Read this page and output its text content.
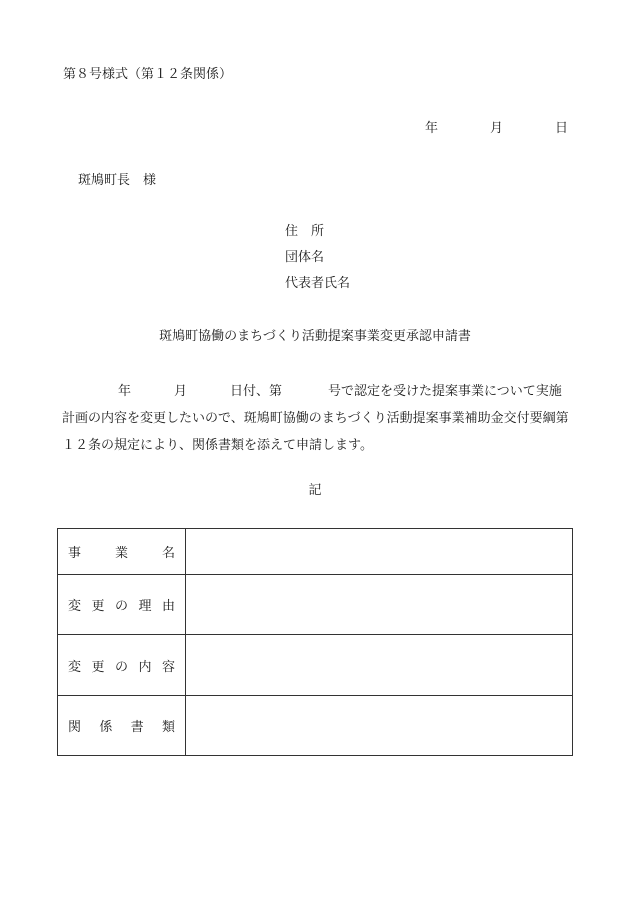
第８号様式（第１２条関係）
年	月	日
斑鳩町長　様
住　所
団体名
代表者氏名
斑鳩町協働のまちづくり活動提案事業変更承認申請書
年	月	日付、第	号で認定を受けた提案事業について実施計画の内容を変更したいので、斑鳩町協働のまちづくり活動提案事業補助金交付要綱第１２条の規定により、関係書類を添えて申請します。
記
事業名	
変更の理由	
変更の内容	
関係書類	
